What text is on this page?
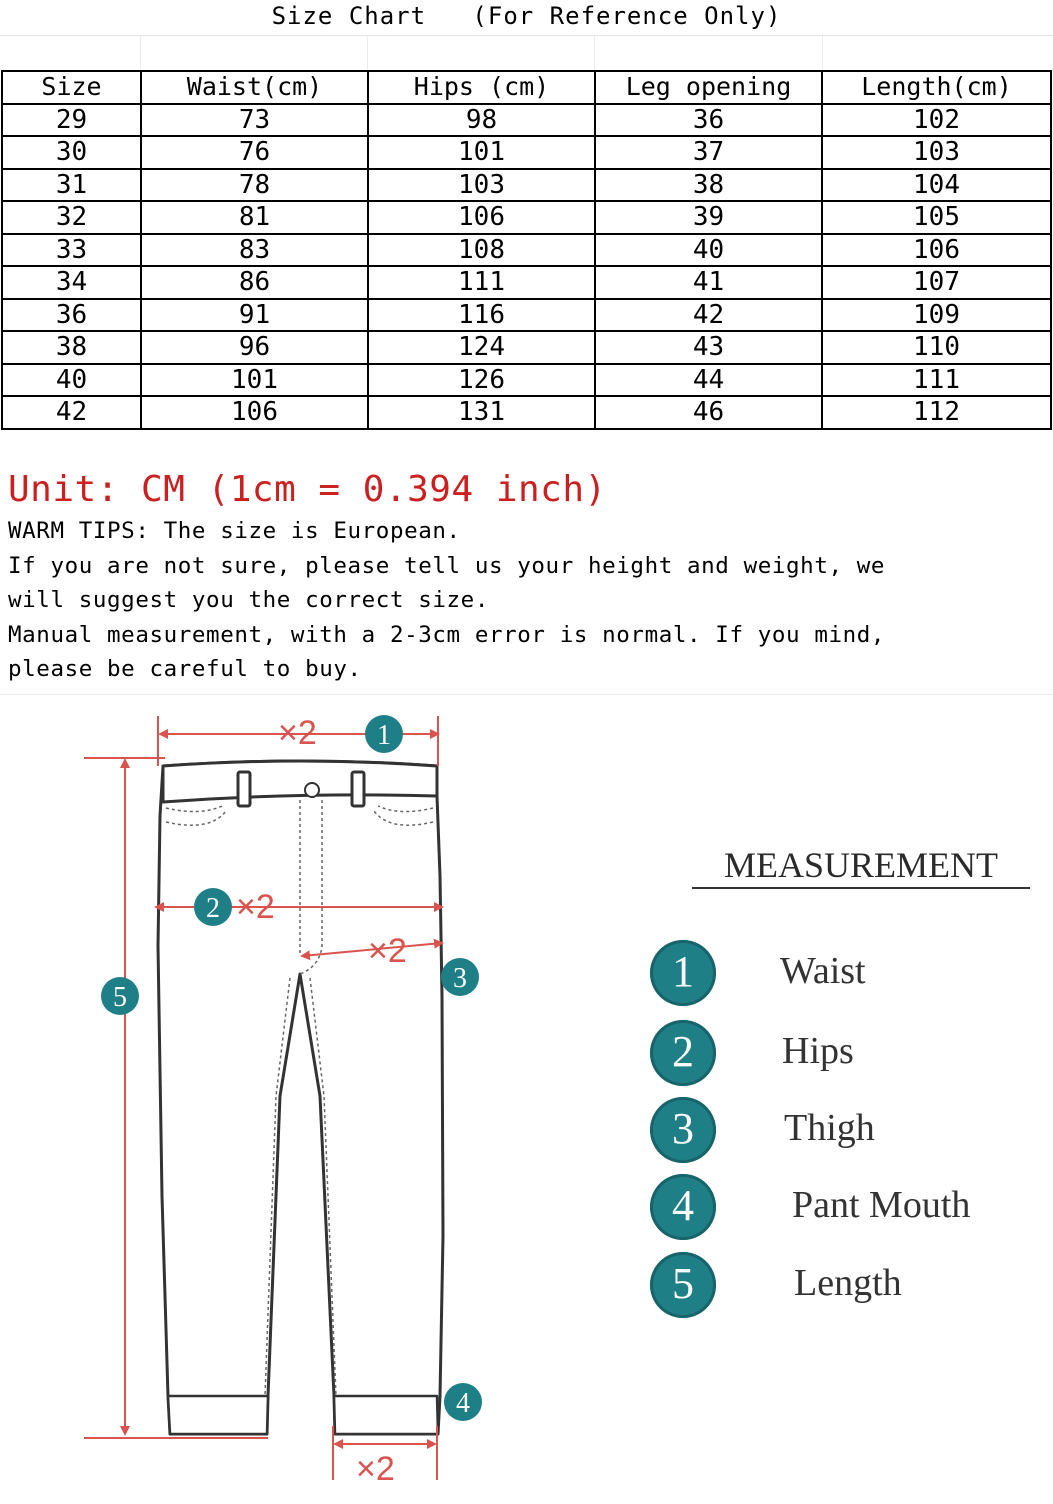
Size Chart   (For Reference Only)
Size	Waist(cm)	Hips (cm)	Leg opening	Length(cm)
29	73	98	36	102
30	76	101	37	103
31	78	103	38	104
32	81	106	39	105
33	83	108	40	106
34	86	111	41	107
36	91	116	42	109
38	96	124	43	110
40	101	126	44	111
42	106	131	46	112
Unit: CM (1cm = 0.394 inch)
WARM TIPS: The size is European.
If you are not sure, please tell us your height and weight, we
will suggest you the correct size.
Manual measurement, with a 2-3cm error is normal. If you mind,
please be careful to buy.
×2
×2
×2
×2
1
2
3
4
5
MEASUREMENT
1	Waist
2	Hips
3	Thigh
4	Pant Mouth
5	Length
